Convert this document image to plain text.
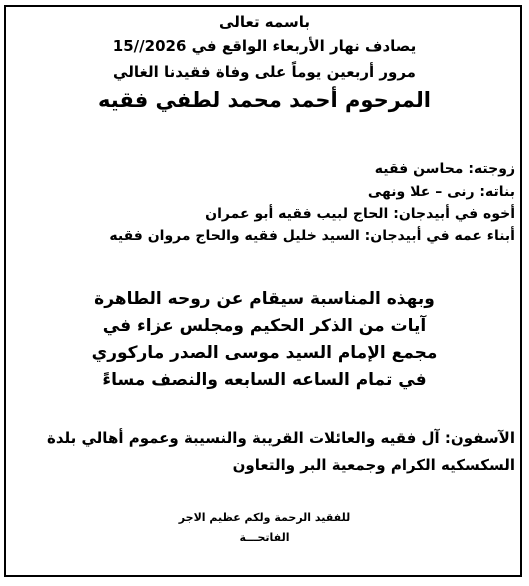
باسمه تعالى
يصادف نهار الأربعاء الواقع في 2026//15
مرور أربعين يوماً على وفاة فقيدنا الغالي
المرحوم أحمد محمد لطفي فقيه
زوجته: محاسن فقيه
بناته: رنى – علا ونهى
أخوه في أبيدجان: الحاج لبيب فقيه أبو عمران
أبناء عمه في أبيدجان: السيد خليل فقيه والحاج مروان فقيه
وبهذه المناسبة سيقام عن روحه الطاهرة
آيات من الذكر الحكيم ومجلس عزاء في
مجمع الإمام السيد موسى الصدر ماركوري
في تمام الساعه السابعه والنصف مساءً
الآسفون: آل فقيه والعائلات القريبة والنسيبة وعموم أهالي بلدة
السكسكيه الكرام وجمعية البر والتعاون
للفقيد الرحمة ولكم عظيم الاجر
الفاتحـــة
